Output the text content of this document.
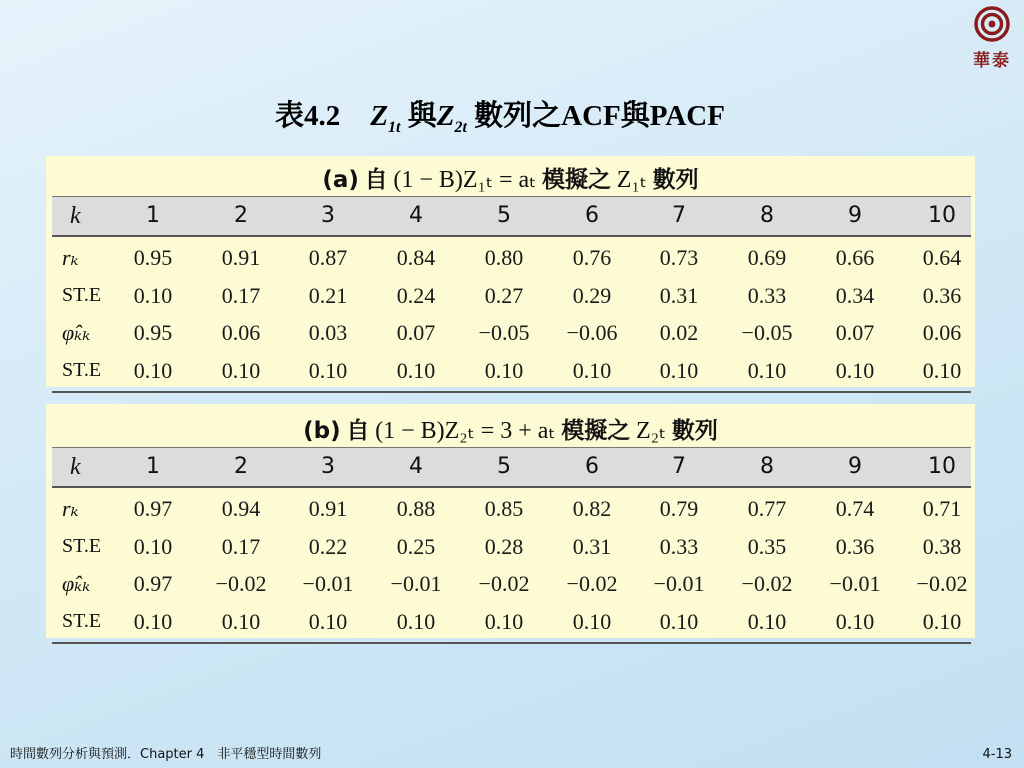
華泰
表4.2 $Z_{1t}$ 與$Z_{2t}$ 數列之ACF與PACF
(a) 自 (1 − B)Z₁ₜ = aₜ 模擬之 Z₁ₜ 數列
k	1	2	3	4	5	6	7	8	9	10
rₖ	0.95	0.91	0.87	0.84	0.80	0.76	0.73	0.69	0.66	0.64
ST.E	0.10	0.17	0.21	0.24	0.27	0.29	0.31	0.33	0.34	0.36
φ̂ₖₖ	0.95	0.06	0.03	0.07	−0.05	−0.06	0.02	−0.05	0.07	0.06
ST.E	0.10	0.10	0.10	0.10	0.10	0.10	0.10	0.10	0.10	0.10
(b) 自 (1 − B)Z₂ₜ = 3 + aₜ 模擬之 Z₂ₜ 數列
k	1	2	3	4	5	6	7	8	9	10
rₖ	0.97	0.94	0.91	0.88	0.85	0.82	0.79	0.77	0.74	0.71
ST.E	0.10	0.17	0.22	0.25	0.28	0.31	0.33	0.35	0.36	0.38
φ̂ₖₖ	0.97	−0.02	−0.01	−0.01	−0.02	−0.02	−0.01	−0.02	−0.01	−0.02
ST.E	0.10	0.10	0.10	0.10	0.10	0.10	0.10	0.10	0.10	0.10
時間數列分析與預測．Chapter 4　非平穩型時間數列	4-13
